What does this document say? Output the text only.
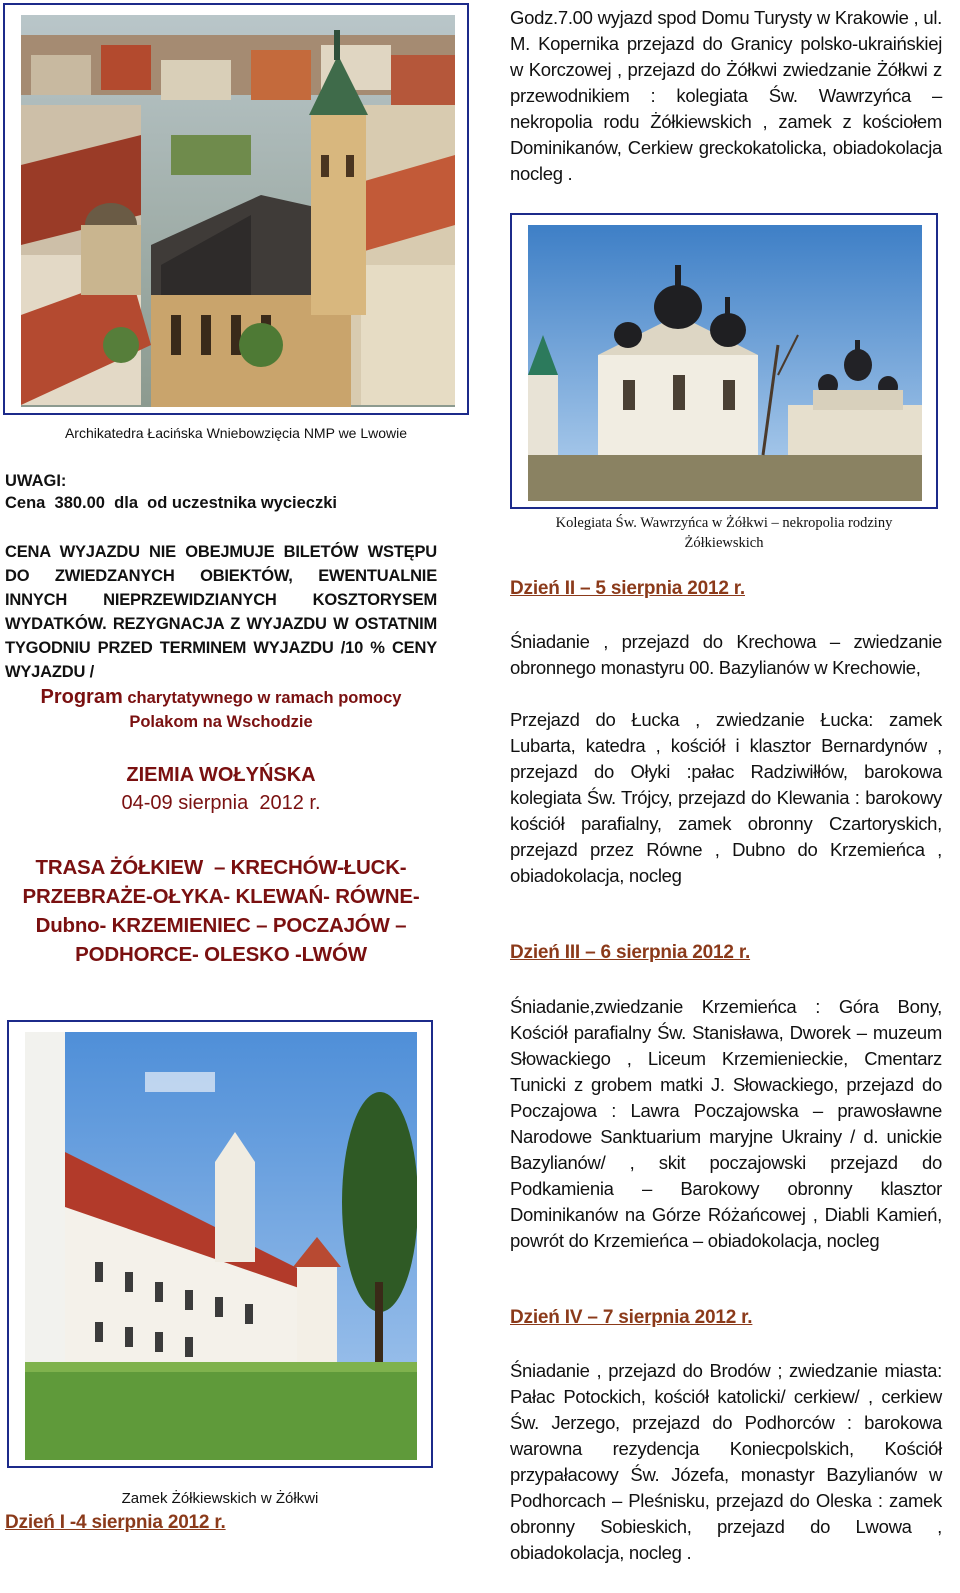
Archikatedra Łacińska Wniebowzięcia NMP we Lwowie
UWAGI:
Cena  380.00  dla  od uczestnika wycieczki
CENA WYJAZDU NIE OBEJMUJE BILETÓW WSTĘPU DO ZWIEDZANYCH OBIEKTÓW, EWENTUALNIE INNYCH NIEPRZEWIDZIANYCH KOSZTORYSEM WYDATKÓW. REZYGNACJA Z WYJAZDU W OSTATNIM TYGODNIU PRZED TERMINEM WYJAZDU /10 % CENY WYJAZDU /
Program charytatywnego w ramach pomocy
Polakom na Wschodzie
ZIEMIA WOŁYŃSKA
04-09 sierpnia  2012 r.
TRASA ŻÓŁKIEW  – KRECHÓW-ŁUCK-
PRZEBRAŻE-OŁYKA- KLEWAŃ- RÓWNE-
Dubno- KRZEMIENIEC – POCZAJÓW –
PODHORCE- OLESKO -LWÓW
Zamek Żółkiewskich w Żółkwi
Dzień I -4 sierpnia 2012 r.
Godz.7.00 wyjazd spod Domu Turysty w Krakowie , ul. M. Kopernika przejazd do Granicy polsko-ukraińskiej w Korczowej , przejazd do Żółkwi zwiedzanie Żółkwi z przewodnikiem : kolegiata Św. Wawrzyńca – nekropolia rodu Żółkiewskich , zamek z kościołem Dominikanów, Cerkiew greckokatolicka, obiadokolacja nocleg .
Kolegiata Św. Wawrzyńca w Żółkwi – nekropolia rodziny
Żółkiewskich
Dzień II – 5 sierpnia 2012 r.
Śniadanie , przejazd do Krechowa – zwiedzanie obronnego monastyru 00. Bazylianów w Krechowie,
Przejazd do Łucka , zwiedzanie Łucka: zamek Lubarta, katedra , kościół i klasztor Bernardynów , przejazd do Ołyki :pałac Radziwiłłów, barokowa kolegiata Św. Trójcy, przejazd do Klewania : barokowy kościół parafialny, zamek obronny Czartoryskich, przejazd przez Równe , Dubno do Krzemieńca , obiadokolacja, nocleg
Dzień III – 6 sierpnia 2012 r.
Śniadanie,zwiedzanie Krzemieńca : Góra Bony, Kościół parafialny Św. Stanisława, Dworek – muzeum Słowackiego , Liceum Krzemienieckie, Cmentarz Tunicki z grobem matki J. Słowackiego, przejazd do Poczajowa : Lawra Poczajowska – prawosławne Narodowe Sanktuarium maryjne Ukrainy / d. unickie Bazylianów/ , skit poczajowski przejazd do Podkamienia – Barokowy obronny klasztor Dominikanów na Górze Różańcowej , Diabli Kamień, powrót do Krzemieńca – obiadokolacja, nocleg
Dzień IV – 7 sierpnia 2012 r.
Śniadanie , przejazd do Brodów ; zwiedzanie miasta: Pałac Potockich, kościół katolicki/ cerkiew/ , cerkiew Św. Jerzego, przejazd do Podhorców : barokowa warowna rezydencja Koniecpolskich, Kościół przypałacowy Św. Józefa, monastyr Bazylianów w Podhorcach – Pleśnisku, przejazd do Oleska : zamek obronny Sobieskich, przejazd do Lwowa , obiadokolacja, nocleg .
